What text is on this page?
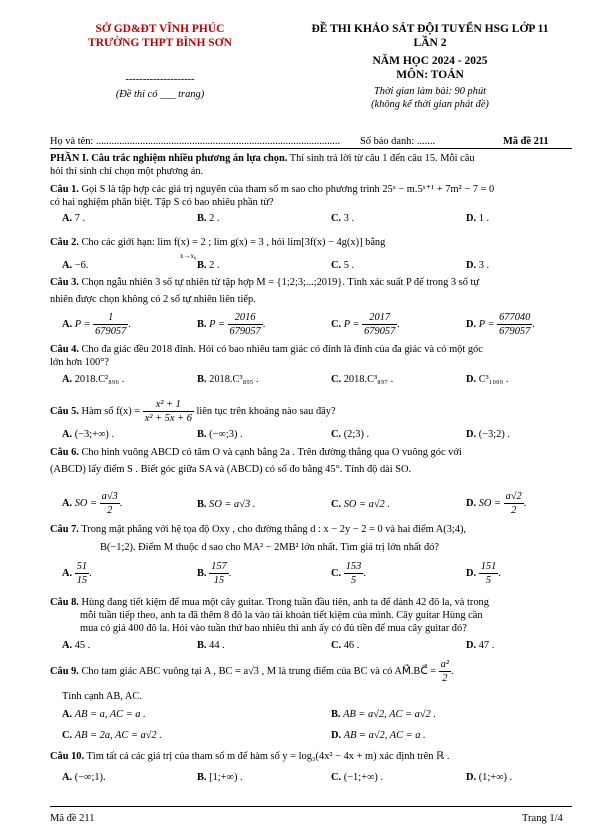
SỞ GD&ĐT VĨNH PHÚC
TRƯỜNG THPT BÌNH SƠN
--------------------
(Đề thi có ___ trang)
ĐỀ THI KHẢO SÁT ĐỘI TUYỂN HSG LỚP 11
LẦN 2
NĂM HỌC 2024 - 2025
MÔN: TOÁN
Thời gian làm bài: 90 phút
(không kể thời gian phát đề)
Họ và tên: .............................................................................................. Số báo danh: .......	Mã đề 211
PHẦN I. Câu trắc nghiệm nhiều phương án lựa chọn. Thí sinh trả lời từ câu 1 đến câu 15. Mỗi câu
hỏi thí sinh chỉ chọn một phương án.
Câu 1. Gọi S là tập hợp các giá trị nguyên của tham số m sao cho phương trình 25ˣ − m.5ˣ⁺¹ + 7m² − 7 = 0
có hai nghiệm phân biệt. Tập S có bao nhiêu phần tử?
A. 7 .	B. 2 .	C. 3 .	D. 1 .
Câu 2. Cho các giới hạn: lim f(x) = 2 ; lim g(x) = 3 , hỏi lim[3f(x) − 4g(x)] bằng
x→x₀
A. −6.	B. 2 .	C. 5 .	D. 3 .
Câu 3. Chọn ngẫu nhiên 3 số tự nhiên từ tập hợp M = {1;2;3;...;2019}. Tính xác suất P để trong 3 số tự
nhiên được chọn không có 2 số tự nhiên liên tiếp.
A. $P = \frac{1}{679057}$ .	B. $P = \frac{2016}{679057}$ .	C. $P = \frac{2017}{679057}$ .	D. $P = \frac{677040}{679057}$ .
Câu 4. Cho đa giác đều 2018 đỉnh. Hỏi có bao nhiêu tam giác có đỉnh là đỉnh của đa giác và có một góc
lớn hơn 100°?
A. 2018.C²₈₉₆ .	B. 2018.C³₈₉₅ .	C. 2018.C³₈₉₇ .	D. C³₁₀₀₉ .
Câu 5. Hàm số $f(x) = \frac{\text{x² + 1}}{\text{x² + 5x + 6}}$ liên tục trên khoảng nào sau đây?
A. (−3;+∞) .	B. (−∞;3) .	C. (2;3) .	D. (−3;2) .
Câu 6. Cho hình vuông ABCD có tâm O và cạnh bằng 2a . Trên đường thẳng qua O vuông góc với
(ABCD) lấy điểm S . Biết góc giữa SA và (ABCD) có số đo bằng 45°. Tính độ dài SO.
A. SO = $\frac{a√3}{2}$ .	B. SO = a√3 .	C. SO = a√2 .	D. SO = $\frac{a√2}{2}$ .
Câu 7. Trong mặt phẳng với hệ tọa độ Oxy , cho đường thẳng d : x − 2y − 2 = 0 và hai điểm A(3;4),
B(−1;2). Điểm M thuộc d sao cho MA² − 2MB² lớn nhất. Tìm giá trị lớn nhất đó?
A. $\frac{51}{15}$ .	B. $\frac{157}{15}$ .	C. $\frac{153}{5}$ .	D. $\frac{151}{5}$ .
Câu 8. Hùng đang tiết kiệm để mua một cây guitar. Trong tuần đầu tiên, anh ta để dành 42 đô la, và trong
mỗi tuần tiếp theo, anh ta đã thêm 8 đô la vào tài khoản tiết kiệm của mình. Cây guitar Hùng cần
mua có giá 400 đô la. Hỏi vào tuần thứ bao nhiêu thì anh ấy có đủ tiền để mua cây guitar đó?
A. 45 .	B. 44 .	C. 46 .	D. 47 .
Câu 9. Cho tam giác ABC vuông tại A , BC = a√3 , M là trung điểm của BC và có AM⃗.BC⃗ = $\frac{\text{a²}}{2}$ .
Tính cạnh AB, AC.
A. AB = a, AC = a .	B. AB = a√2, AC = a√2 .
C. AB = 2a, AC = a√2 .	D. AB = a√2, AC = a .
Câu 10. Tìm tất cả các giá trị của tham số m để hàm số y = log₃(4x² − 4x + m) xác định trên ℝ .
A. (−∞;1).	B. [1;+∞) .	C. (−1;+∞) .	D. (1;+∞) .
Mã đề 211	Trang 1/4
